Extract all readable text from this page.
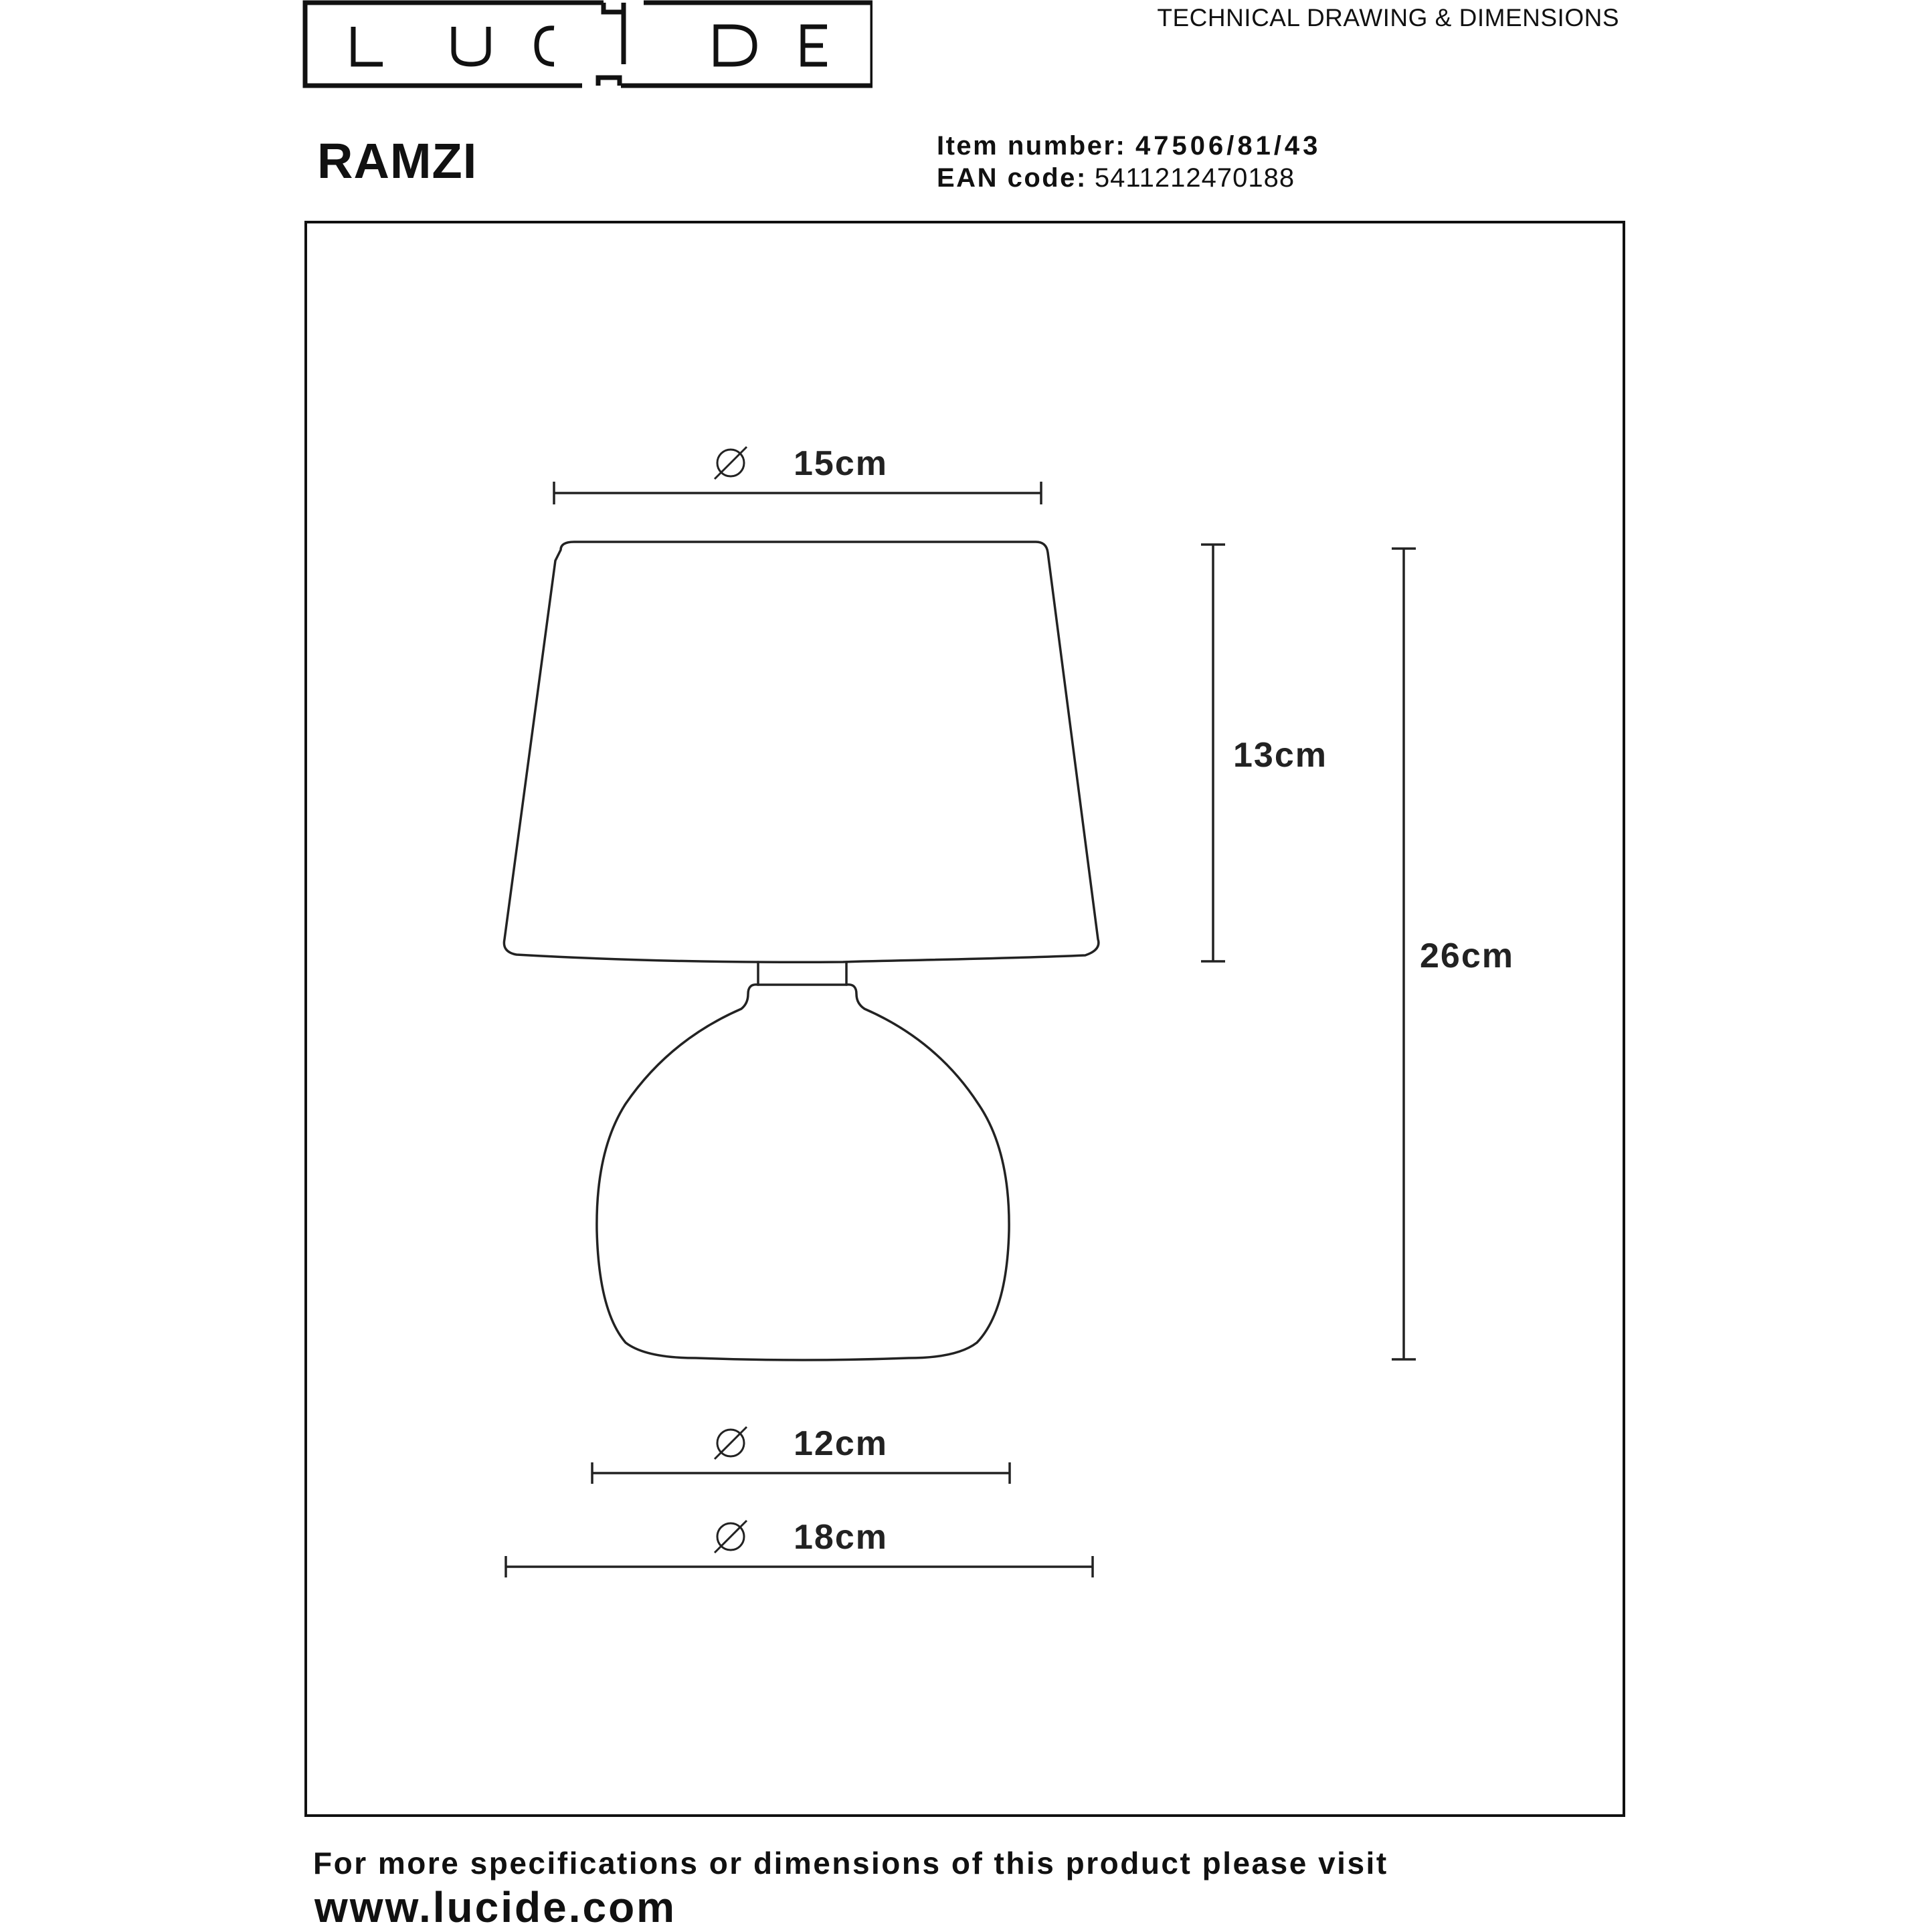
LUCIDE
TECHNICAL DRAWING & DIMENSIONS
RAMZI	Item number: 47506/81/43
EAN code: 5411212470188
15cm
13cm
26cm
12cm
18cm
For more specifications or dimensions of this product please visit
www.lucide.com
